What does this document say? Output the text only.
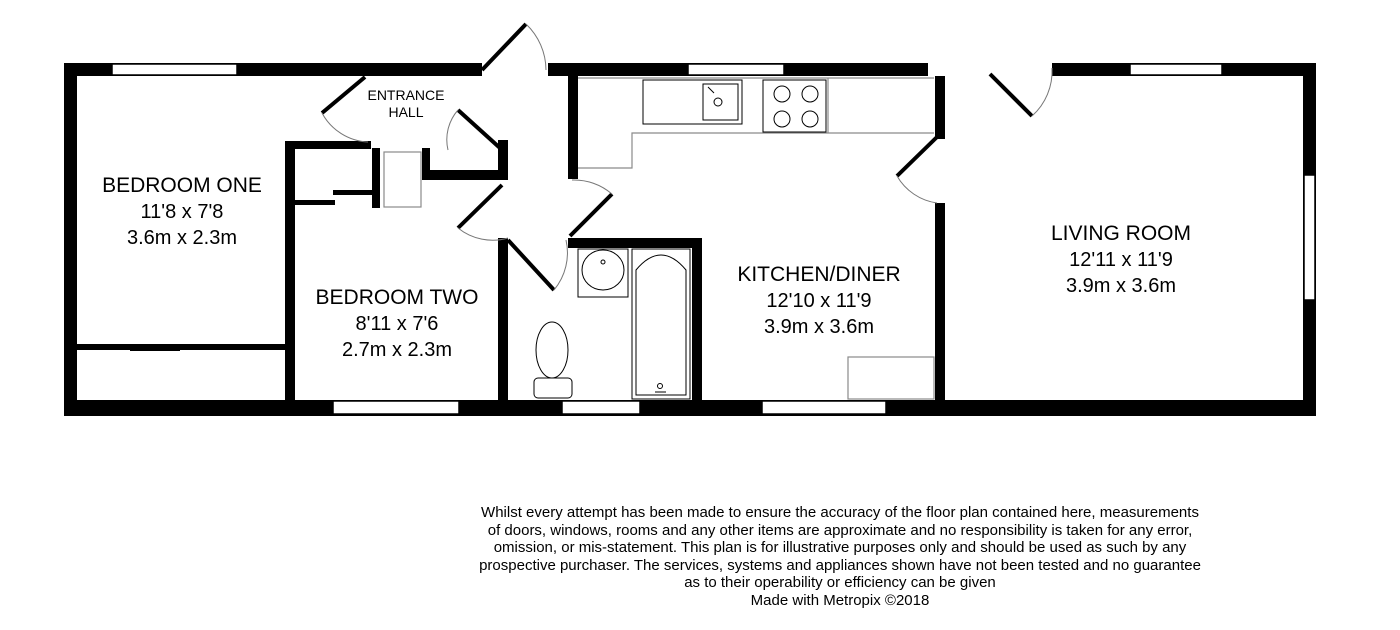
ENTRANCE
HALL
BEDROOM ONE
11'8 x 7'8
3.6m x 2.3m
BEDROOM TWO
8'11 x 7'6
2.7m x 2.3m
KITCHEN/DINER
12'10 x 11'9
3.9m x 3.6m
LIVING ROOM
12'11 x 11'9
3.9m x 3.6m
Whilst every attempt has been made to ensure the accuracy of the floor plan contained here, measurements
of doors, windows, rooms and any other items are approximate and no responsibility is taken for any error,
omission, or mis-statement. This plan is for illustrative purposes only and should be used as such by any
prospective purchaser. The services, systems and appliances shown have not been tested and no guarantee
as to their operability or efficiency can be given
Made with Metropix ©2018
